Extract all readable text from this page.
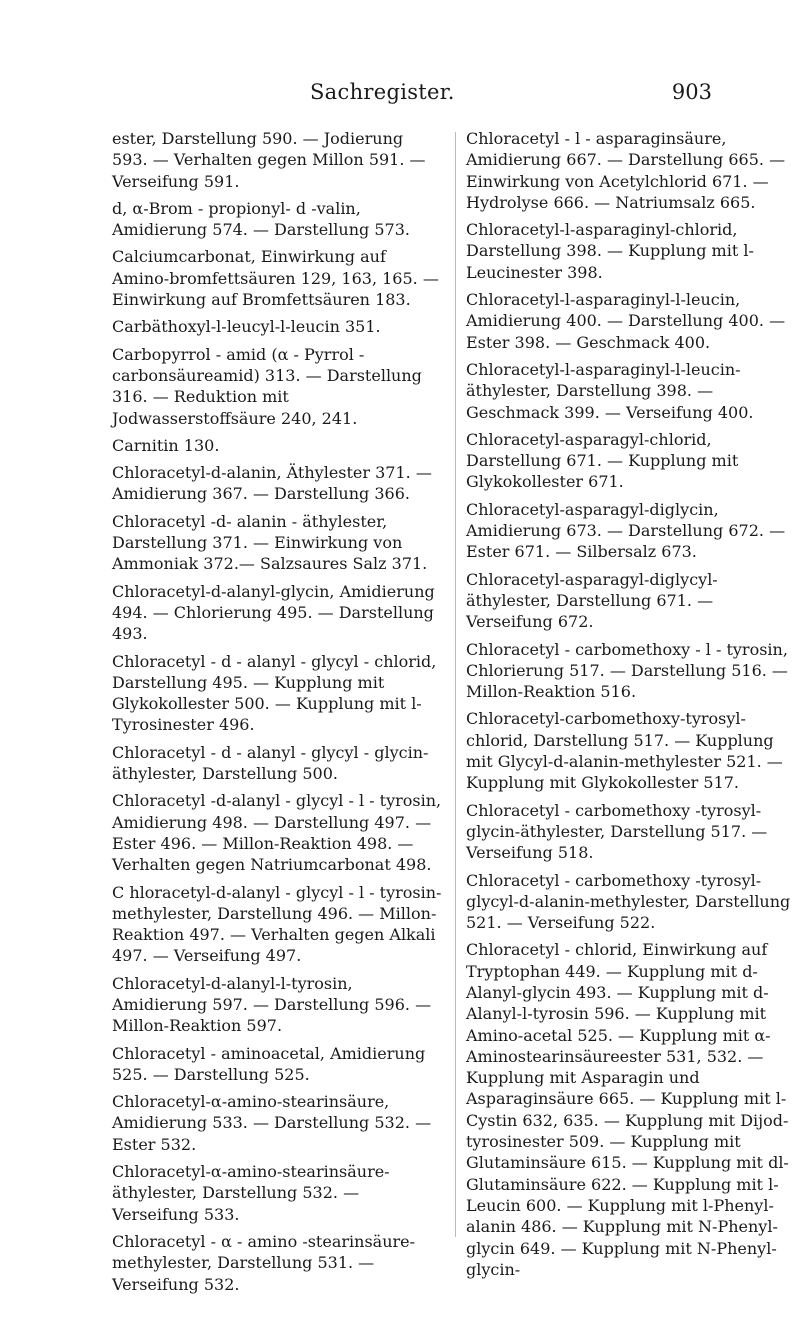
Sachregister.	903

ester, Darstellung 590. — Jodierung 593. — Verhalten gegen Millon 591. — Verseifung 591.

d, α-Brom - propionyl- d -valin, Amidierung 574. — Darstellung 573.

Calciumcarbonat, Einwirkung auf Amino-bromfettsäuren 129, 163, 165. — Einwirkung auf Bromfettsäuren 183.

Carbäthoxyl-l-leucyl-l-leucin 351.

Carbopyrrol - amid (α - Pyrrol - carbonsäureamid) 313. — Darstellung 316. — Reduktion mit Jodwasserstoffsäure 240, 241.

Carnitin 130.

Chloracetyl-d-alanin, Äthylester 371. — Amidierung 367. — Darstellung 366.

Chloracetyl -d- alanin - äthylester, Darstellung 371. — Einwirkung von Ammoniak 372.— Salzsaures Salz 371.

Chloracetyl-d-alanyl-glycin, Amidierung 494. — Chlorierung 495. — Darstellung 493.

Chloracetyl - d - alanyl - glycyl - chlorid, Darstellung 495. — Kupplung mit Glykokollester 500. — Kupplung mit l-Tyrosinester 496.

Chloracetyl - d - alanyl - glycyl - glycin-äthylester, Darstellung 500.

Chloracetyl -d-alanyl - glycyl - l - tyrosin, Amidierung 498. — Darstellung 497. — Ester 496. — Millon-Reaktion 498. — Verhalten gegen Natriumcarbonat 498.

C hloracetyl-d-alanyl - glycyl - l - tyrosin-methylester, Darstellung 496. — Millon-Reaktion 497. — Verhalten gegen Alkali 497. — Verseifung 497.

Chloracetyl-d-alanyl-l-tyrosin, Amidierung 597. — Darstellung 596. — Millon-Reaktion 597.

Chloracetyl - aminoacetal, Amidierung 525. — Darstellung 525.

Chloracetyl-α-amino-stearinsäure, Amidierung 533. — Darstellung 532. — Ester 532.

Chloracetyl-α-amino-stearinsäure-äthylester, Darstellung 532. — Verseifung 533.

Chloracetyl - α - amino -stearinsäure-methylester, Darstellung 531. — Verseifung 532.

Chloracetyl - l - asparaginsäure, Amidierung 667. — Darstellung 665. — Einwirkung von Acetylchlorid 671. — Hydrolyse 666. — Natriumsalz 665.

Chloracetyl-l-asparaginyl-chlorid, Darstellung 398. — Kupplung mit l-Leucinester 398.

Chloracetyl-l-asparaginyl-l-leucin, Amidierung 400. — Darstellung 400. — Ester 398. — Geschmack 400.

Chloracetyl-l-asparaginyl-l-leucin-äthylester, Darstellung 398. — Geschmack 399. — Verseifung 400.

Chloracetyl-asparagyl-chlorid, Darstellung 671. — Kupplung mit Glykokollester 671.

Chloracetyl-asparagyl-diglycin, Amidierung 673. — Darstellung 672. — Ester 671. — Silbersalz 673.

Chloracetyl-asparagyl-diglycyl-äthylester, Darstellung 671. — Verseifung 672.

Chloracetyl - carbomethoxy - l - tyrosin, Chlorierung 517. — Darstellung 516. — Millon-Reaktion 516.

Chloracetyl-carbomethoxy-tyrosyl-chlorid, Darstellung 517. — Kupplung mit Glycyl-d-alanin-methylester 521. — Kupplung mit Glykokollester 517.

Chloracetyl - carbomethoxy -tyrosyl-glycin-äthylester, Darstellung 517. — Verseifung 518.

Chloracetyl - carbomethoxy -tyrosyl-glycyl-d-alanin-methylester, Darstellung 521. — Verseifung 522.

Chloracetyl - chlorid, Einwirkung auf Tryptophan 449. — Kupplung mit d-Alanyl-glycin 493. — Kupplung mit d-Alanyl-l-tyrosin 596. — Kupplung mit Amino-acetal 525. — Kupplung mit α-Aminostearinsäureester 531, 532. — Kupplung mit Asparagin und Asparaginsäure 665. — Kupplung mit l-Cystin 632, 635. — Kupplung mit Dijod-tyrosinester 509. — Kupplung mit Glutaminsäure 615. — Kupplung mit dl-Glutaminsäure 622. — Kupplung mit l-Leucin 600. — Kupplung mit l-Phenyl-alanin 486. — Kupplung mit N-Phenyl-glycin 649. — Kupplung mit N-Phenyl-glycin-
